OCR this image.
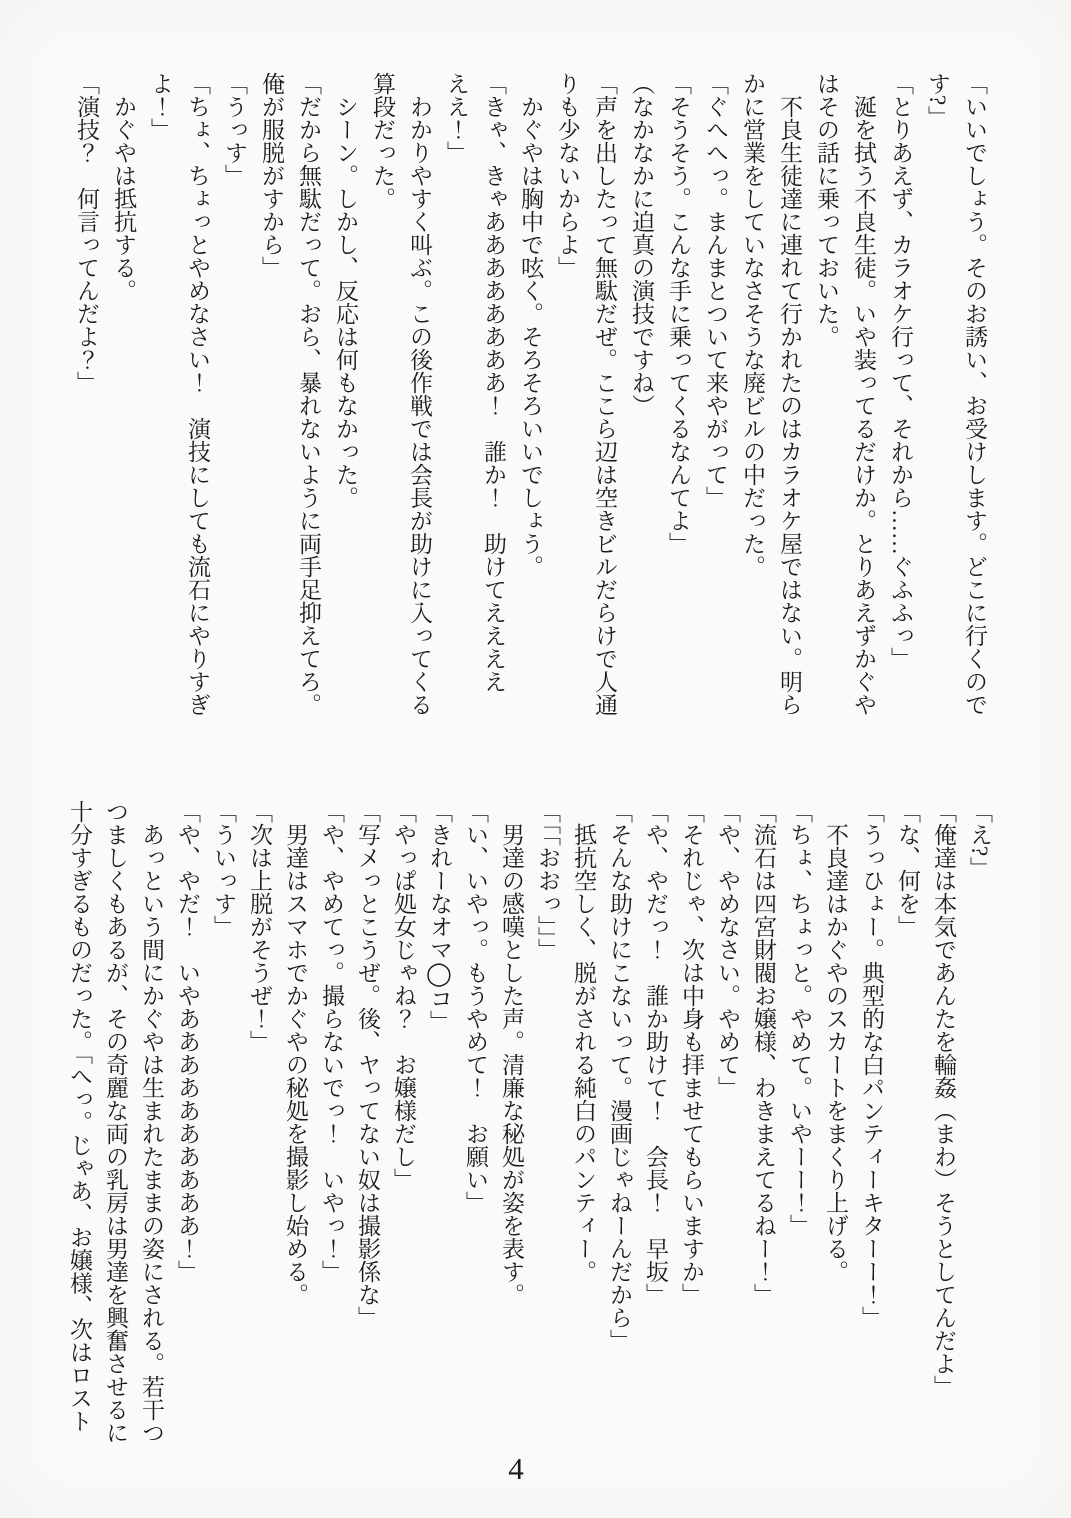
「いいでしょう。そのお誘い、お受けします。どこに行くので

す?」

「とりあえず、カラオケ行って、それから……ぐふふっ」

涎を拭う不良生徒。いや装ってるだけか。とりあえずかぐや

はその話に乗っておいた。

不良生徒達に連れて行かれたのはカラオケ屋ではない。明ら

かに営業をしていなさそうな廃ビルの中だった。

「ぐへへっ。まんまとついて来やがって」

「そうそう。こんな手に乗ってくるなんてよ」

（なかなかに迫真の演技ですね）

「声を出したって無駄だぜ。ここら辺は空きビルだらけで人通

りも少ないからよ」

かぐやは胸中で呟く。そろそろいいでしょう。

「きゃ、きゃああああああああ！　誰か！　助けてええええ

ええ！」

わかりやすく叫ぶ。この後作戦では会長が助けに入ってくる

算段だった。

シーン。しかし、反応は何もなかった。

「だから無駄だって。おら、暴れないように両手足抑えてろ。

俺が服脱がすから」

「うっす」

「ちょ、ちょっとやめなさい！　演技にしても流石にやりすぎ

よ！」

かぐやは抵抗する。

「演技？　何言ってんだよ？」

「え?」

「俺達は本気であんたを輪姦（まわ）そうとしてんだよ」

「な、何を」

「うっひょー。典型的な白パンティーキターー！」

不良達はかぐやのスカートをまくり上げる。

「ちょ、ちょっと。やめて。いやーー！」

「流石は四宮財閥お嬢様、わきまえてるねー！」

「や、やめなさい。やめて」

「それじゃ、次は中身も拝ませてもらいますか」

「や、やだっ！　誰か助けて！　会長！　早坂」

「そんな助けにこないって。漫画じゃねーんだから」

抵抗空しく、脱がされる純白のパンティー。

「「「おおっ」」」

男達の感嘆とした声。清廉な秘処が姿を表す。

「い、いやっ。もうやめて！　お願い」

「きれーなオマ◯コ」

「やっぱ処女じゃね？　お嬢様だし」

「写メっとこうぜ。後、ヤってない奴は撮影係な」

「や、やめてっ。撮らないでっ！　いやっ！」

男達はスマホでかぐやの秘処を撮影し始める。

「次は上脱がそうぜ！」

「ういっす」

「や、やだ！　いやああああああああああ！」

あっという間にかぐやは生まれたままの姿にされる。若干つ

つましくもあるが、その奇麗な両の乳房は男達を興奮させるに

十分すぎるものだった。「へっ。じゃあ、お嬢様、次はロスト

4
